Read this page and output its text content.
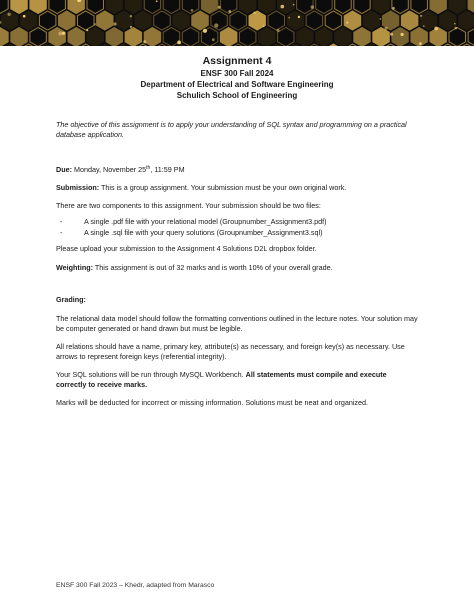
Assignment 4
ENSF 300 Fall 2024
Department of Electrical and Software Engineering
Schulich School of Engineering

The objective of this assignment is to apply your understanding of SQL syntax and programming on a practical database application.

Due: Monday, November 25th, 11:59 PM

Submission: This is a group assignment. Your submission must be your own original work.

There are two components to this assignment. Your submission should be two files:

-	A single .pdf file with your relational model (Groupnumber_Assignment3.pdf)
-	A single .sql file with your query solutions (Groupnumber_Assignment3.sql)

Please upload your submission to the Assignment 4 Solutions D2L dropbox folder.

Weighting: This assignment is out of 32 marks and is worth 10% of your overall grade.

Grading:

The relational data model should follow the formatting conventions outlined in the lecture notes. Your solution may be computer generated or hand drawn but must be legible.

All relations should have a name, primary key, attribute(s) as necessary, and foreign key(s) as necessary. Use arrows to represent foreign keys (referential integrity).

Your SQL solutions will be run through MySQL Workbench. All statements must compile and execute correctly to receive marks.

Marks will be deducted for incorrect or missing information. Solutions must be neat and organized.

ENSF 300 Fall 2023 – Khedr, adapted from Marasco
